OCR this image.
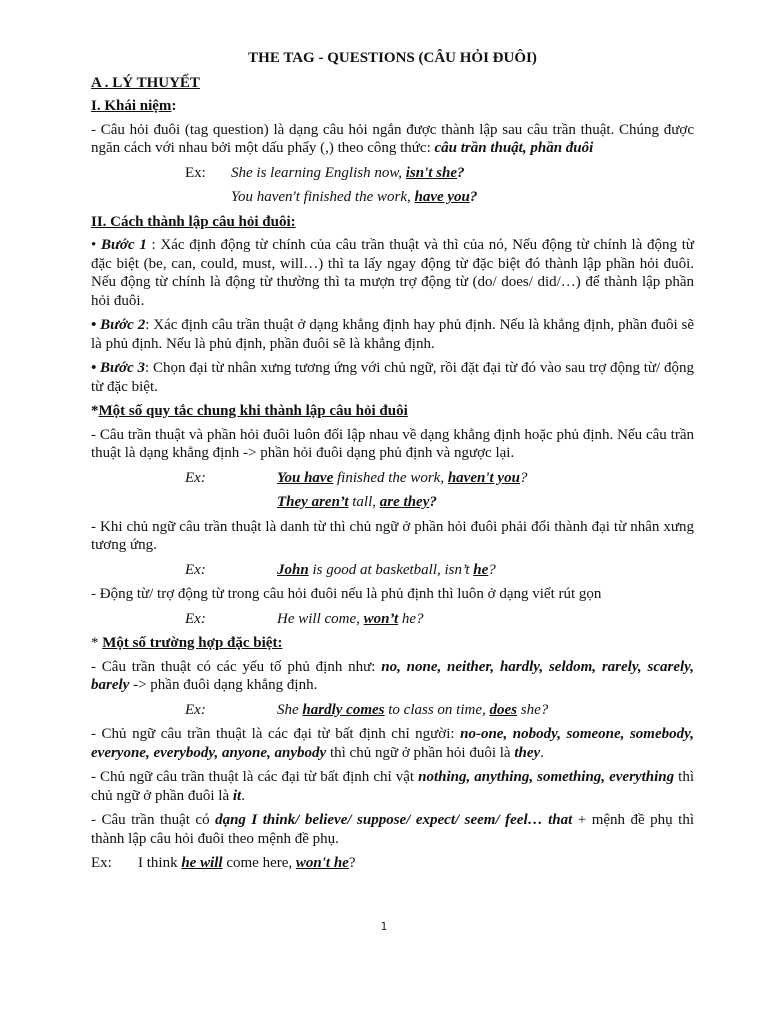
THE TAG - QUESTIONS (CÂU HỎI ĐUÔI)

A . LÝ THUYẾT

I. Khái niệm:

- Câu hỏi đuôi (tag question) là dạng câu hỏi ngắn được thành lập sau câu trần thuật. Chúng được ngăn cách với nhau bởi một dấu phẩy (,) theo công thức: câu trần thuật, phần đuôi

Ex: She is learning English now, isn't she?
You haven't finished the work, have you?

II. Cách thành lập câu hỏi đuôi:

• Bước 1 : Xác định động từ chính của câu trần thuật và thì của nó, Nếu động từ chính là động từ đặc biệt (be, can, could, must, will…) thì ta lấy ngay động từ đặc biệt đó thành lập phần hỏi đuôi. Nếu động từ chính là động từ thường thì ta mượn trợ động từ (do/ does/ did/…) để thành lập phần hỏi đuôi.

• Bước 2: Xác định câu trần thuật ở dạng khẳng định hay phủ định. Nếu là khẳng định, phần đuôi sẽ là phủ định. Nếu là phủ định, phần đuôi sẽ là khẳng định.

• Bước 3: Chọn đại từ nhân xưng tương ứng với chủ ngữ, rồi đặt đại từ đó vào sau trợ động từ/ động từ đặc biệt.

*Một số quy tắc chung khi thành lập câu hỏi đuôi

- Câu trần thuật và phần hỏi đuôi luôn đối lập nhau về dạng khẳng định hoặc phủ định. Nếu câu trần thuật là dạng khẳng định -> phần hỏi đuôi dạng phủ định và ngược lại.

Ex:	You have finished the work, haven't you?
They aren’t tall, are they?

- Khi chủ ngữ câu trần thuật là danh từ thì chủ ngữ ở phần hỏi đuôi phải đổi thành đại từ nhân xưng tương ứng.

Ex:	John is good at basketball, isn’t he?

- Động từ/ trợ động từ trong câu hỏi đuôi nếu là phủ định thì luôn ở dạng viết rút gọn

Ex:	He will come, won’t he?

* Một số trường hợp đặc biệt:

- Câu trần thuật có các yếu tố phủ định như: no, none, neither, hardly, seldom, rarely, scarely, barely -> phần đuôi dạng khẳng định.

Ex:	She hardly comes to class on time, does she?

- Chủ ngữ câu trần thuật là các đại từ bất định chỉ người: no-one, nobody, someone, somebody, everyone, everybody, anyone, anybody thì chủ ngữ ở phần hỏi đuôi là they.

- Chủ ngữ câu trần thuật là các đại từ bất định chỉ vật nothing, anything, something, everything thì chủ ngữ ở phần đuôi là it.

- Câu trần thuật có dạng I think/ believe/ suppose/ expect/ seem/ feel… that + mệnh đề phụ thì thành lập câu hỏi đuôi theo mệnh đề phụ.

Ex: I think he will come here, won't he?
1
